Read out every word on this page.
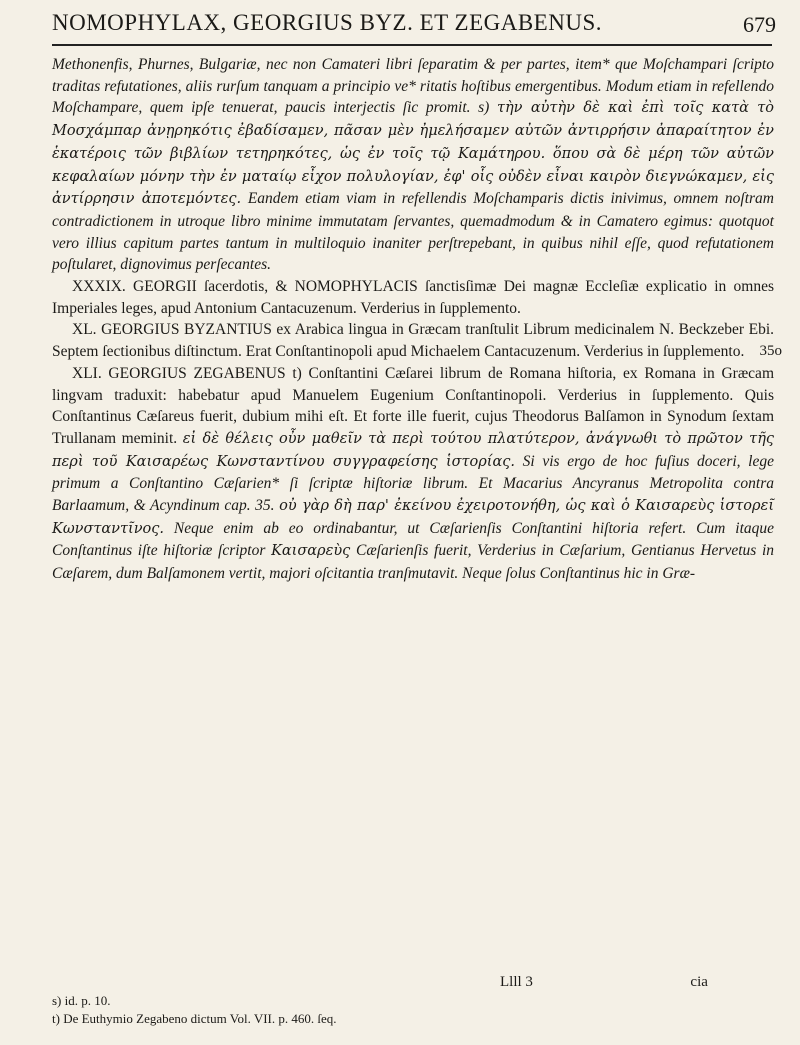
NOMOPHYLAX, GEORGIUS BYZ. ET ZEGABENUS.	679

Methonenfis, Phurnes, Bulgariæ, nec non Camateri libri ſeparatim & per partes, item* que Moſchampari ſcripto traditas refutationes, aliis rurſum tanquam a principio ve* ritatis hoſtibus emergentibus. Modum etiam in refellendo Moſchampare, quem ipſe tenuerat, paucis interjectis ſic promit. s) τὴν αὐτὴν δὲ καὶ ἐπὶ τοῖς κατὰ τὸ Μοσχάμπαρ ἀνῃρηκότις ἐβαδίσαμεν, πᾶσαν μὲν ἠμελήσαμεν αὐτῶν ἀντιρρήσιν ἀπαραίτητον ἐν ἑκατέροις τῶν βιβλίων τετηρηκότες, ὡς ἐν τοῖς τῷ Καμάτηρου. ὅπου σὰ δὲ μέρη τῶν αὐτῶν κεφαλαίων μόνην τὴν ἐν ματαίῳ εἶχον πολυλογίαν, ἐφ' οἷς οὐδὲν εἶναι καιρὸν διεγνώκαμεν, εἰς ἀντίρρησιν ἀποτεμόντες. Eandem etiam viam in refellendis Moſchamparis dictis inivimus, omnem noſtram contradictionem in utroque libro minime immutatam ſervantes, quemadmodum & in Camatero egimus: quotquot vero illius capitum partes tantum in multiloquio inaniter perſtrepebant, in quibus nihil eſſe, quod refutationem poſtularet, dignovimus perſecantes.

XXXIX. GEORGII ſacerdotis, & NOMOPHYLACIS ſanctisſimæ Dei magnæ Eccleſiæ explicatio in omnes Imperiales leges, apud Antonium Cantacuzenum. Verderius in ſupplemento.

XL. GEORGIUS BYZANTIUS ex Arabica lingua in Græcam tranſtulit Librum medicinalem N. Beckzeber Ebi. Septem ſectionibus diſtinctum. Erat Conſtantinopoli apud Michaelem Cantacuzenum. Verderius in ſupplemento.	35o

XLI. GEORGIUS ZEGABENUS t) Conſtantini Cæſarei librum de Romana hiſtoria, ex Romana in Græcam lingvam traduxit: habebatur apud Manuelem Eugenium Conſtantinopoli. Verderius in ſupplemento. Quis Conſtantinus Cæſareus fuerit, dubium mihi eſt. Et forte ille fuerit, cujus Theodorus Balſamon in Synodum ſextam Trullanam meminit. εἰ δὲ θέλεις οὖν μαθεῖν τὰ περὶ τούτου πλατύτερον, ἀνάγνωθι τὸ πρῶτον τῆς περὶ τοῦ Καισαρέως Κωνσταντίνου συγγραφείσης ἱστορίας. Si vis ergo de hoc fuſius doceri, lege primum a Conſtantino Cæſarien* ſi ſcriptæ hiſtoriæ librum. Et Macarius Ancyranus Metropolita contra Barlaamum, & Acyndinum cap. 35. οὐ γὰρ δὴ παρ' ἐκείνου ἐχειροτονήθη, ὡς καὶ ὁ Καισαρεὺς ἱστορεῖ Κωνσταντῖνος. Neque enim ab eo ordinabantur, ut Cæſarienſis Conſtantini hiſtoria refert. Cum itaque Conſtantinus iſte hiſtoriæ ſcriptor Καισαρεὺς Cæſarienſis fuerit, Verderius in Cæſarium, Gentianus Hervetus in Cæſarem, dum Balſamonem vertit, majori oſcitantia tranſmutavit. Neque ſolus Conſtantinus hic in Græ-

Llll 3	cia
s) id. p. 10.
t) De Euthymio Zegabeno dictum Vol. VII. p. 460. ſeq.
